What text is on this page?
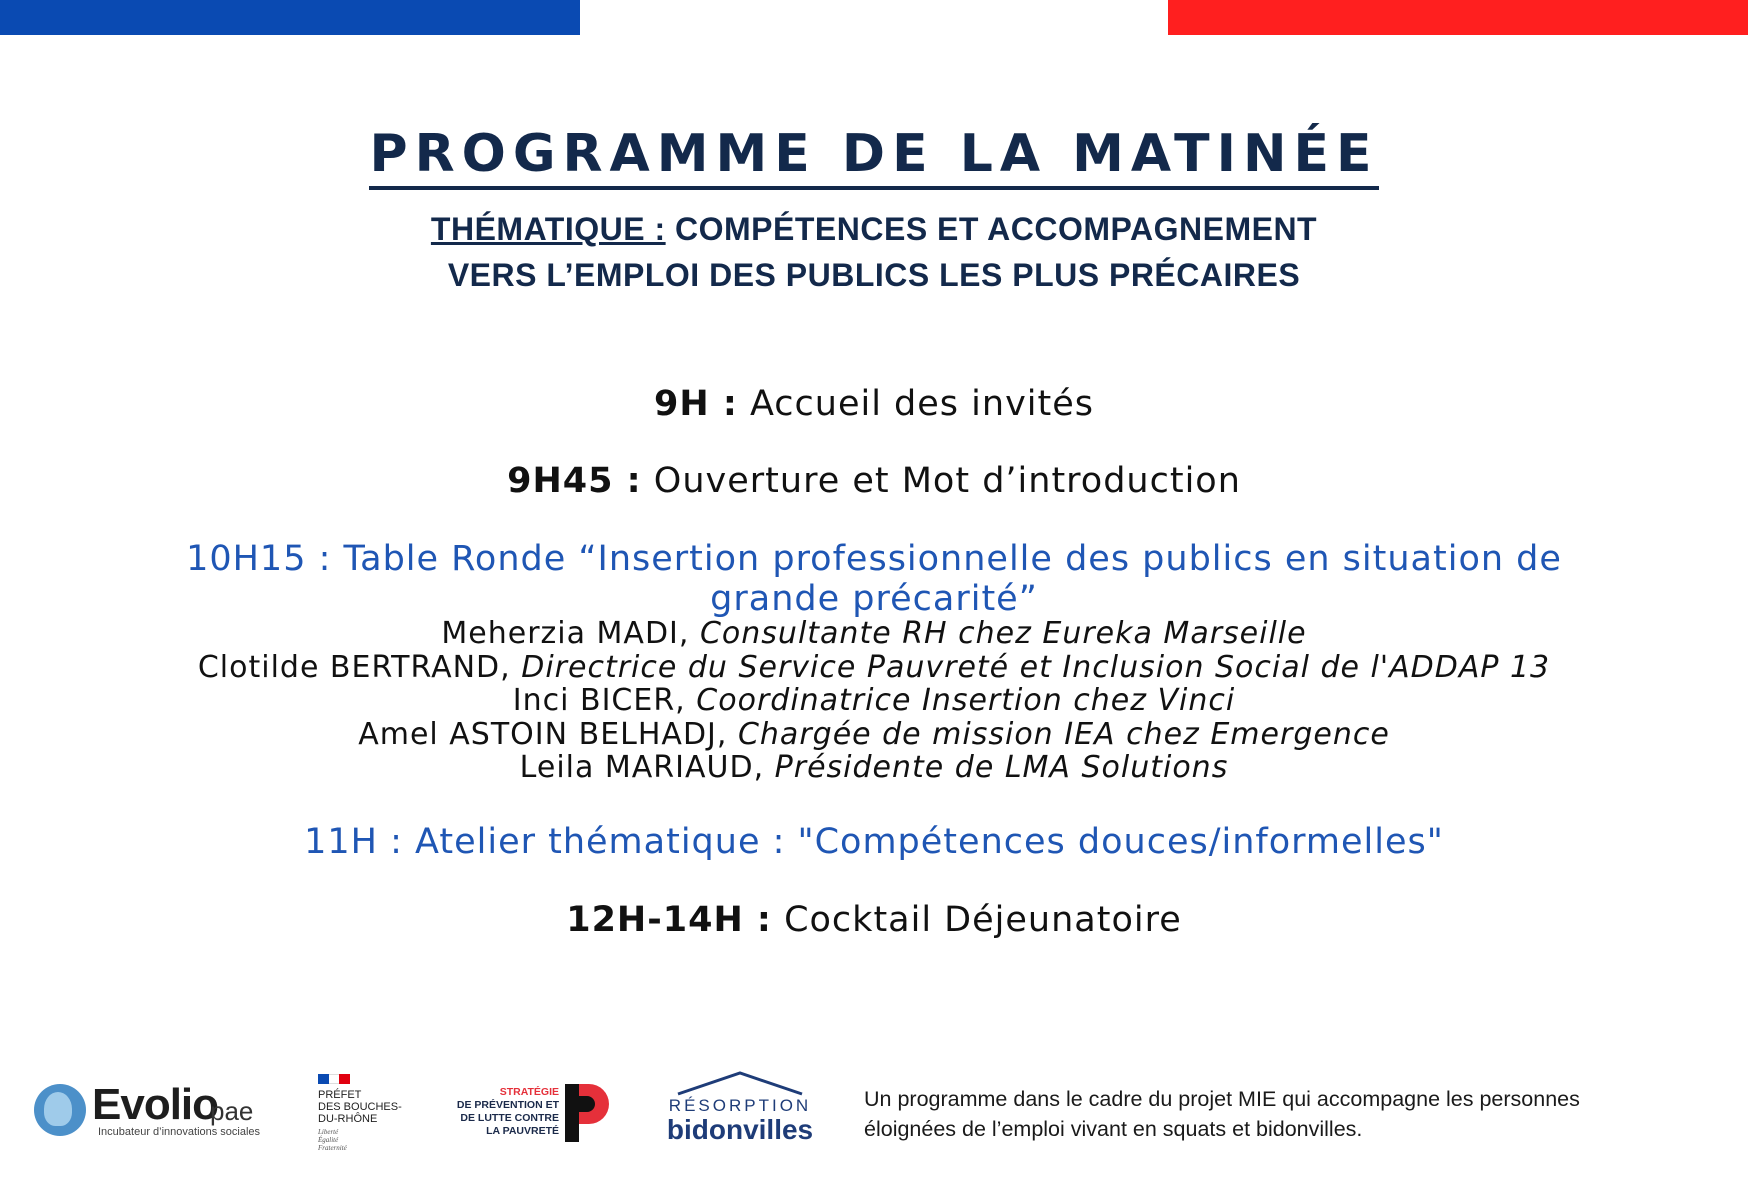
PROGRAMME DE LA MATINÉE
THÉMATIQUE : COMPÉTENCES ET ACCOMPAGNEMENT
VERS L’EMPLOI DES PUBLICS LES PLUS PRÉCAIRES
9H : Accueil des invités
9H45 : Ouverture et Mot d’introduction
10H15 : Table Ronde “Insertion professionnelle des publics en situation de
grande précarité”
Meherzia MADI, Consultante RH chez Eureka Marseille
Clotilde BERTRAND, Directrice du Service Pauvreté et Inclusion Social de l'ADDAP 13
Inci BICER, Coordinatrice Insertion chez Vinci
Amel ASTOIN BELHADJ, Chargée de mission IEA chez Emergence
Leila MARIAUD, Présidente de LMA Solutions
11H : Atelier thématique : "Compétences douces/informelles"
12H-14H : Cocktail Déjeunatoire
Evolio
pae
Incubateur d’innovations sociales
PRÉFET
DES BOUCHES-
DU-RHÔNE
Liberté
Égalité
Fraternité
STRATÉGIE
DE PRÉVENTION ET
DE LUTTE CONTRE
LA PAUVRETÉ
RÉSORPTION
bidonvilles
Un programme dans le cadre du projet MIE qui accompagne les personnes
éloignées de l’emploi vivant en squats et bidonvilles.
